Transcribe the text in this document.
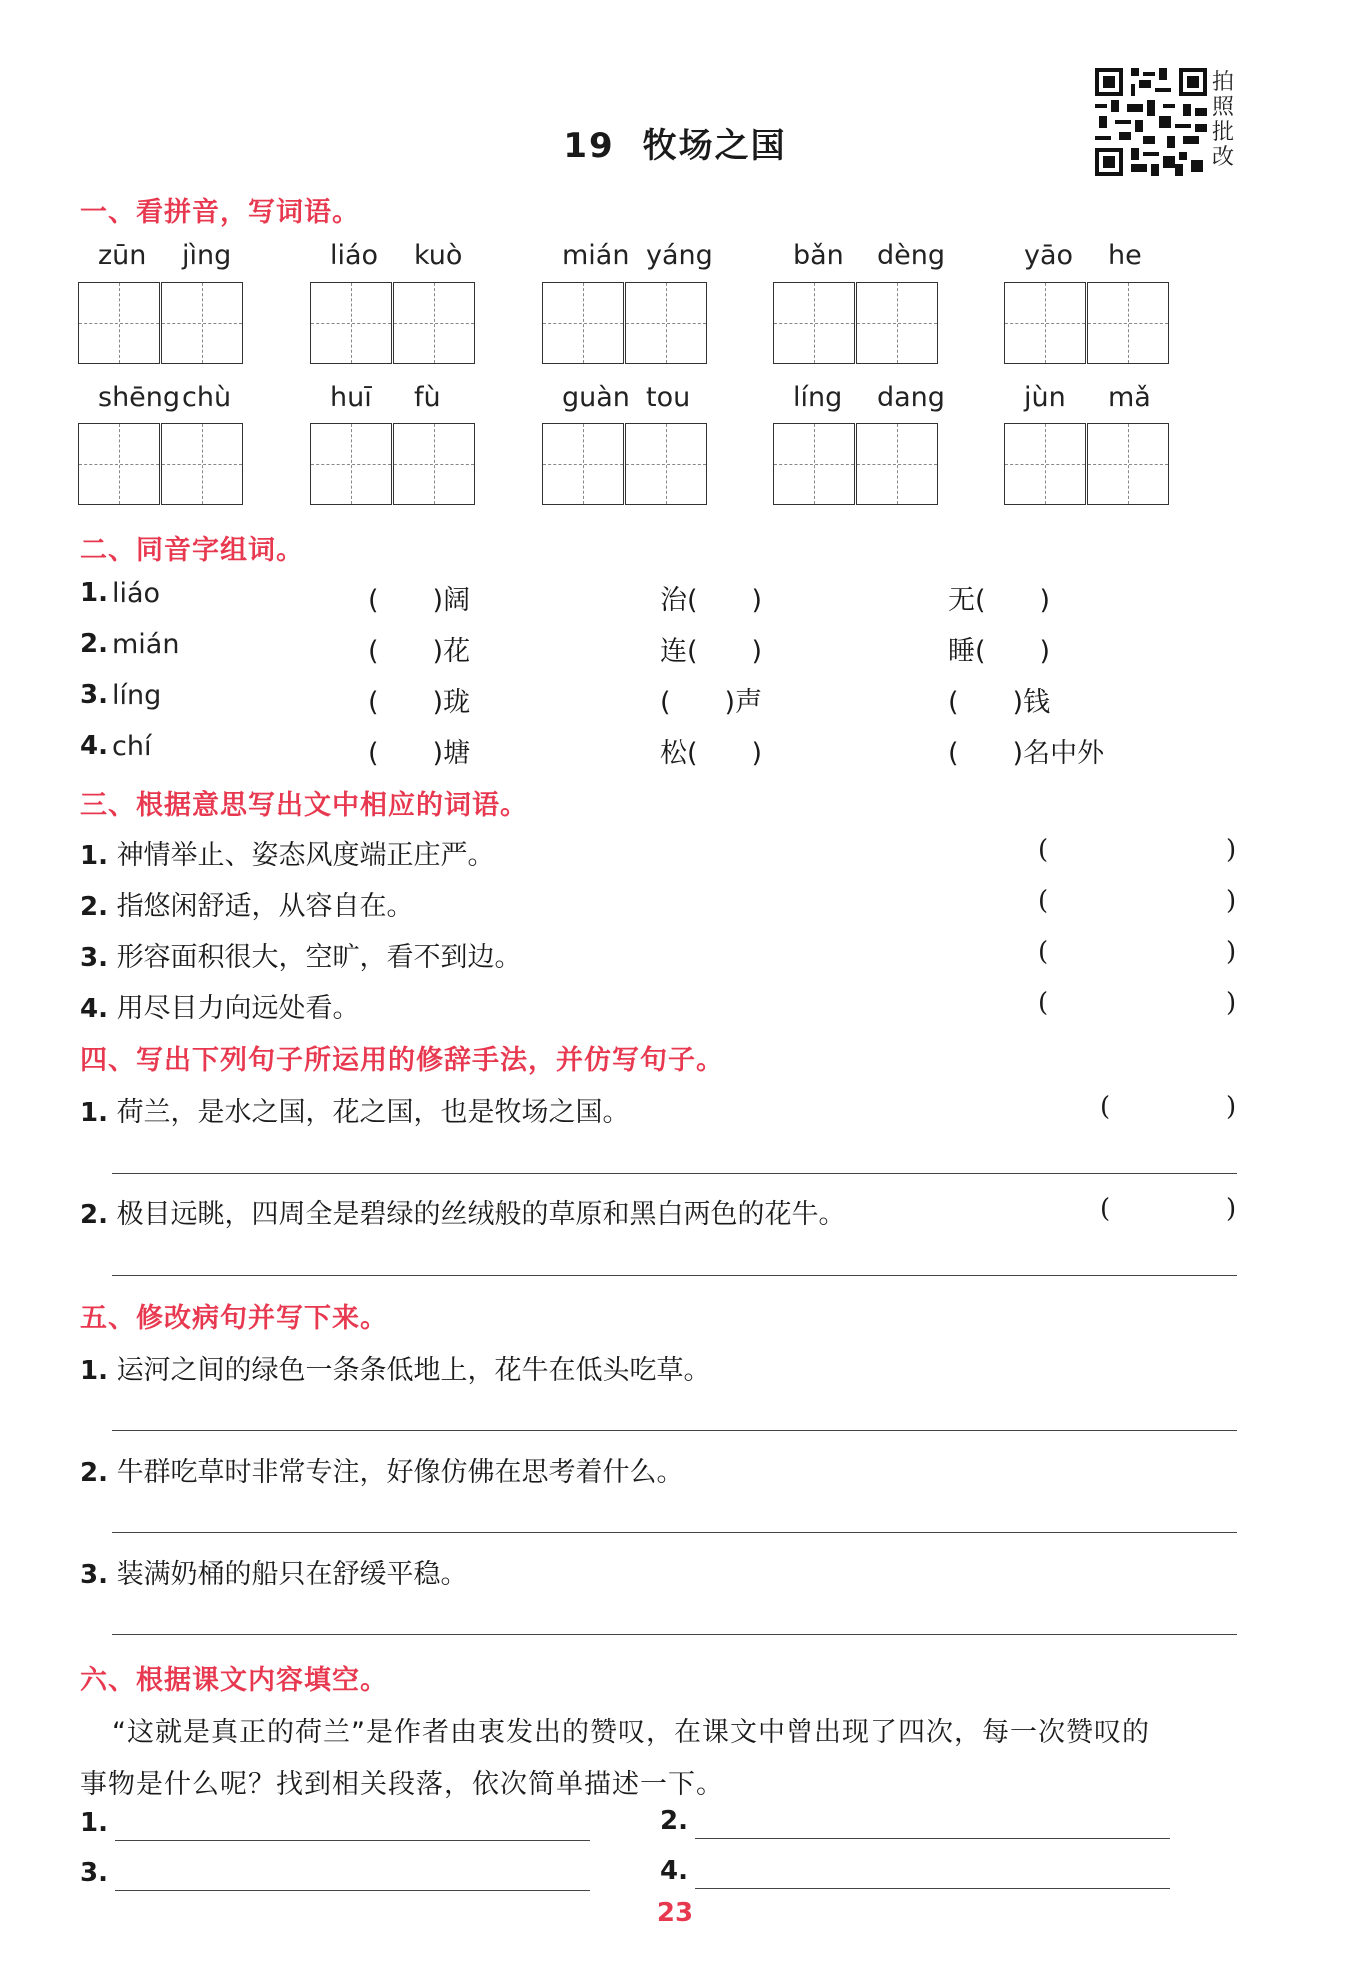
19 牧场之国
拍
照
批
改
一、看拼音，写词语。
zūn jìng	liáo kuò	mián yáng	bǎn dèng	yāo he
shēng chù	huī fù	guàn tou	líng dang	jùn mǎ
二、同音字组词。
1. liáo	(　　)阔	治(　　)	无(　　)
2. mián	(　　)花	连(　　)	睡(　　)
3. líng	(　　)珑	(　　)声	(　　)钱
4. chí	(　　)塘	松(　　)	(　　)名中外
三、根据意思写出文中相应的词语。
1. 神情举止、姿态风度端正庄严。	(	)
2. 指悠闲舒适，从容自在。	(	)
3. 形容面积很大，空旷，看不到边。	(	)
4. 用尽目力向远处看。	(	)
四、写出下列句子所运用的修辞手法，并仿写句子。
1. 荷兰，是水之国，花之国，也是牧场之国。	(	)
2. 极目远眺，四周全是碧绿的丝绒般的草原和黑白两色的花牛。	(	)
五、修改病句并写下来。
1. 运河之间的绿色一条条低地上，花牛在低头吃草。
2. 牛群吃草时非常专注，好像仿佛在思考着什么。
3. 装满奶桶的船只在舒缓平稳。
六、根据课文内容填空。
“这就是真正的荷兰”是作者由衷发出的赞叹，在课文中曾出现了四次，每一次赞叹的
事物是什么呢？找到相关段落，依次简单描述一下。
1.	2.
3.	4.
23
